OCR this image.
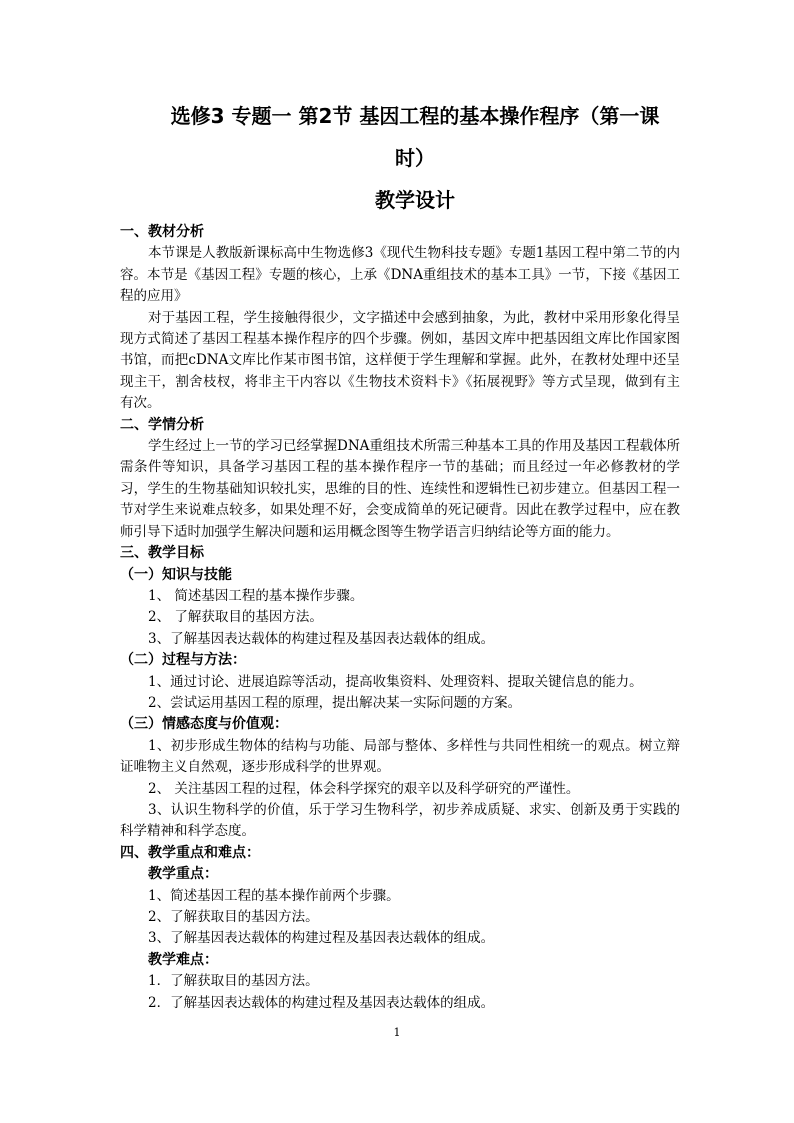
选修3 专题一 第2节 基因工程的基本操作程序（第一课
时）
教学设计

一、教材分析

本节课是人教版新课标高中生物选修3《现代生物科技专题》专题1基因工程中第二节的内容。本节是《基因工程》专题的核心，上承《DNA重组技术的基本工具》一节，下接《基因工程的应用》

对于基因工程，学生接触得很少，文字描述中会感到抽象，为此，教材中采用形象化得呈现方式简述了基因工程基本操作程序的四个步骤。例如，基因文库中把基因组文库比作国家图书馆，而把cDNA文库比作某市图书馆，这样便于学生理解和掌握。此外，在教材处理中还呈现主干，割舍枝杈，将非主干内容以《生物技术资料卡》《拓展视野》等方式呈现，做到有主有次。

二、学情分析

学生经过上一节的学习已经掌握DNA重组技术所需三种基本工具的作用及基因工程载体所需条件等知识，具备学习基因工程的基本操作程序一节的基础；而且经过一年必修教材的学习，学生的生物基础知识较扎实，思维的目的性、连续性和逻辑性已初步建立。但基因工程一节对学生来说难点较多，如果处理不好，会变成简单的死记硬背。因此在教学过程中，应在教师引导下适时加强学生解决问题和运用概念图等生物学语言归纳结论等方面的能力。

三、教学目标

（一）知识与技能

1、 简述基因工程的基本操作步骤。

2、 了解获取目的基因方法。

3、了解基因表达载体的构建过程及基因表达载体的组成。

（二）过程与方法：

1、通过讨论、进展追踪等活动，提高收集资料、处理资料、提取关键信息的能力。

2、尝试运用基因工程的原理，提出解决某一实际问题的方案。

（三）情感态度与价值观：

1、初步形成生物体的结构与功能、局部与整体、多样性与共同性相统一的观点。树立辩证唯物主义自然观，逐步形成科学的世界观。

2、 关注基因工程的过程，体会科学探究的艰辛以及科学研究的严谨性。

3、认识生物科学的价值，乐于学习生物科学，初步养成质疑、求实、创新及勇于实践的科学精神和科学态度。

四、教学重点和难点：

教学重点：

1、简述基因工程的基本操作前两个步骤。

2、了解获取目的基因方法。

3、了解基因表达载体的构建过程及基因表达载体的组成。

教学难点：

1．了解获取目的基因方法。

2．了解基因表达载体的构建过程及基因表达载体的组成。

1
